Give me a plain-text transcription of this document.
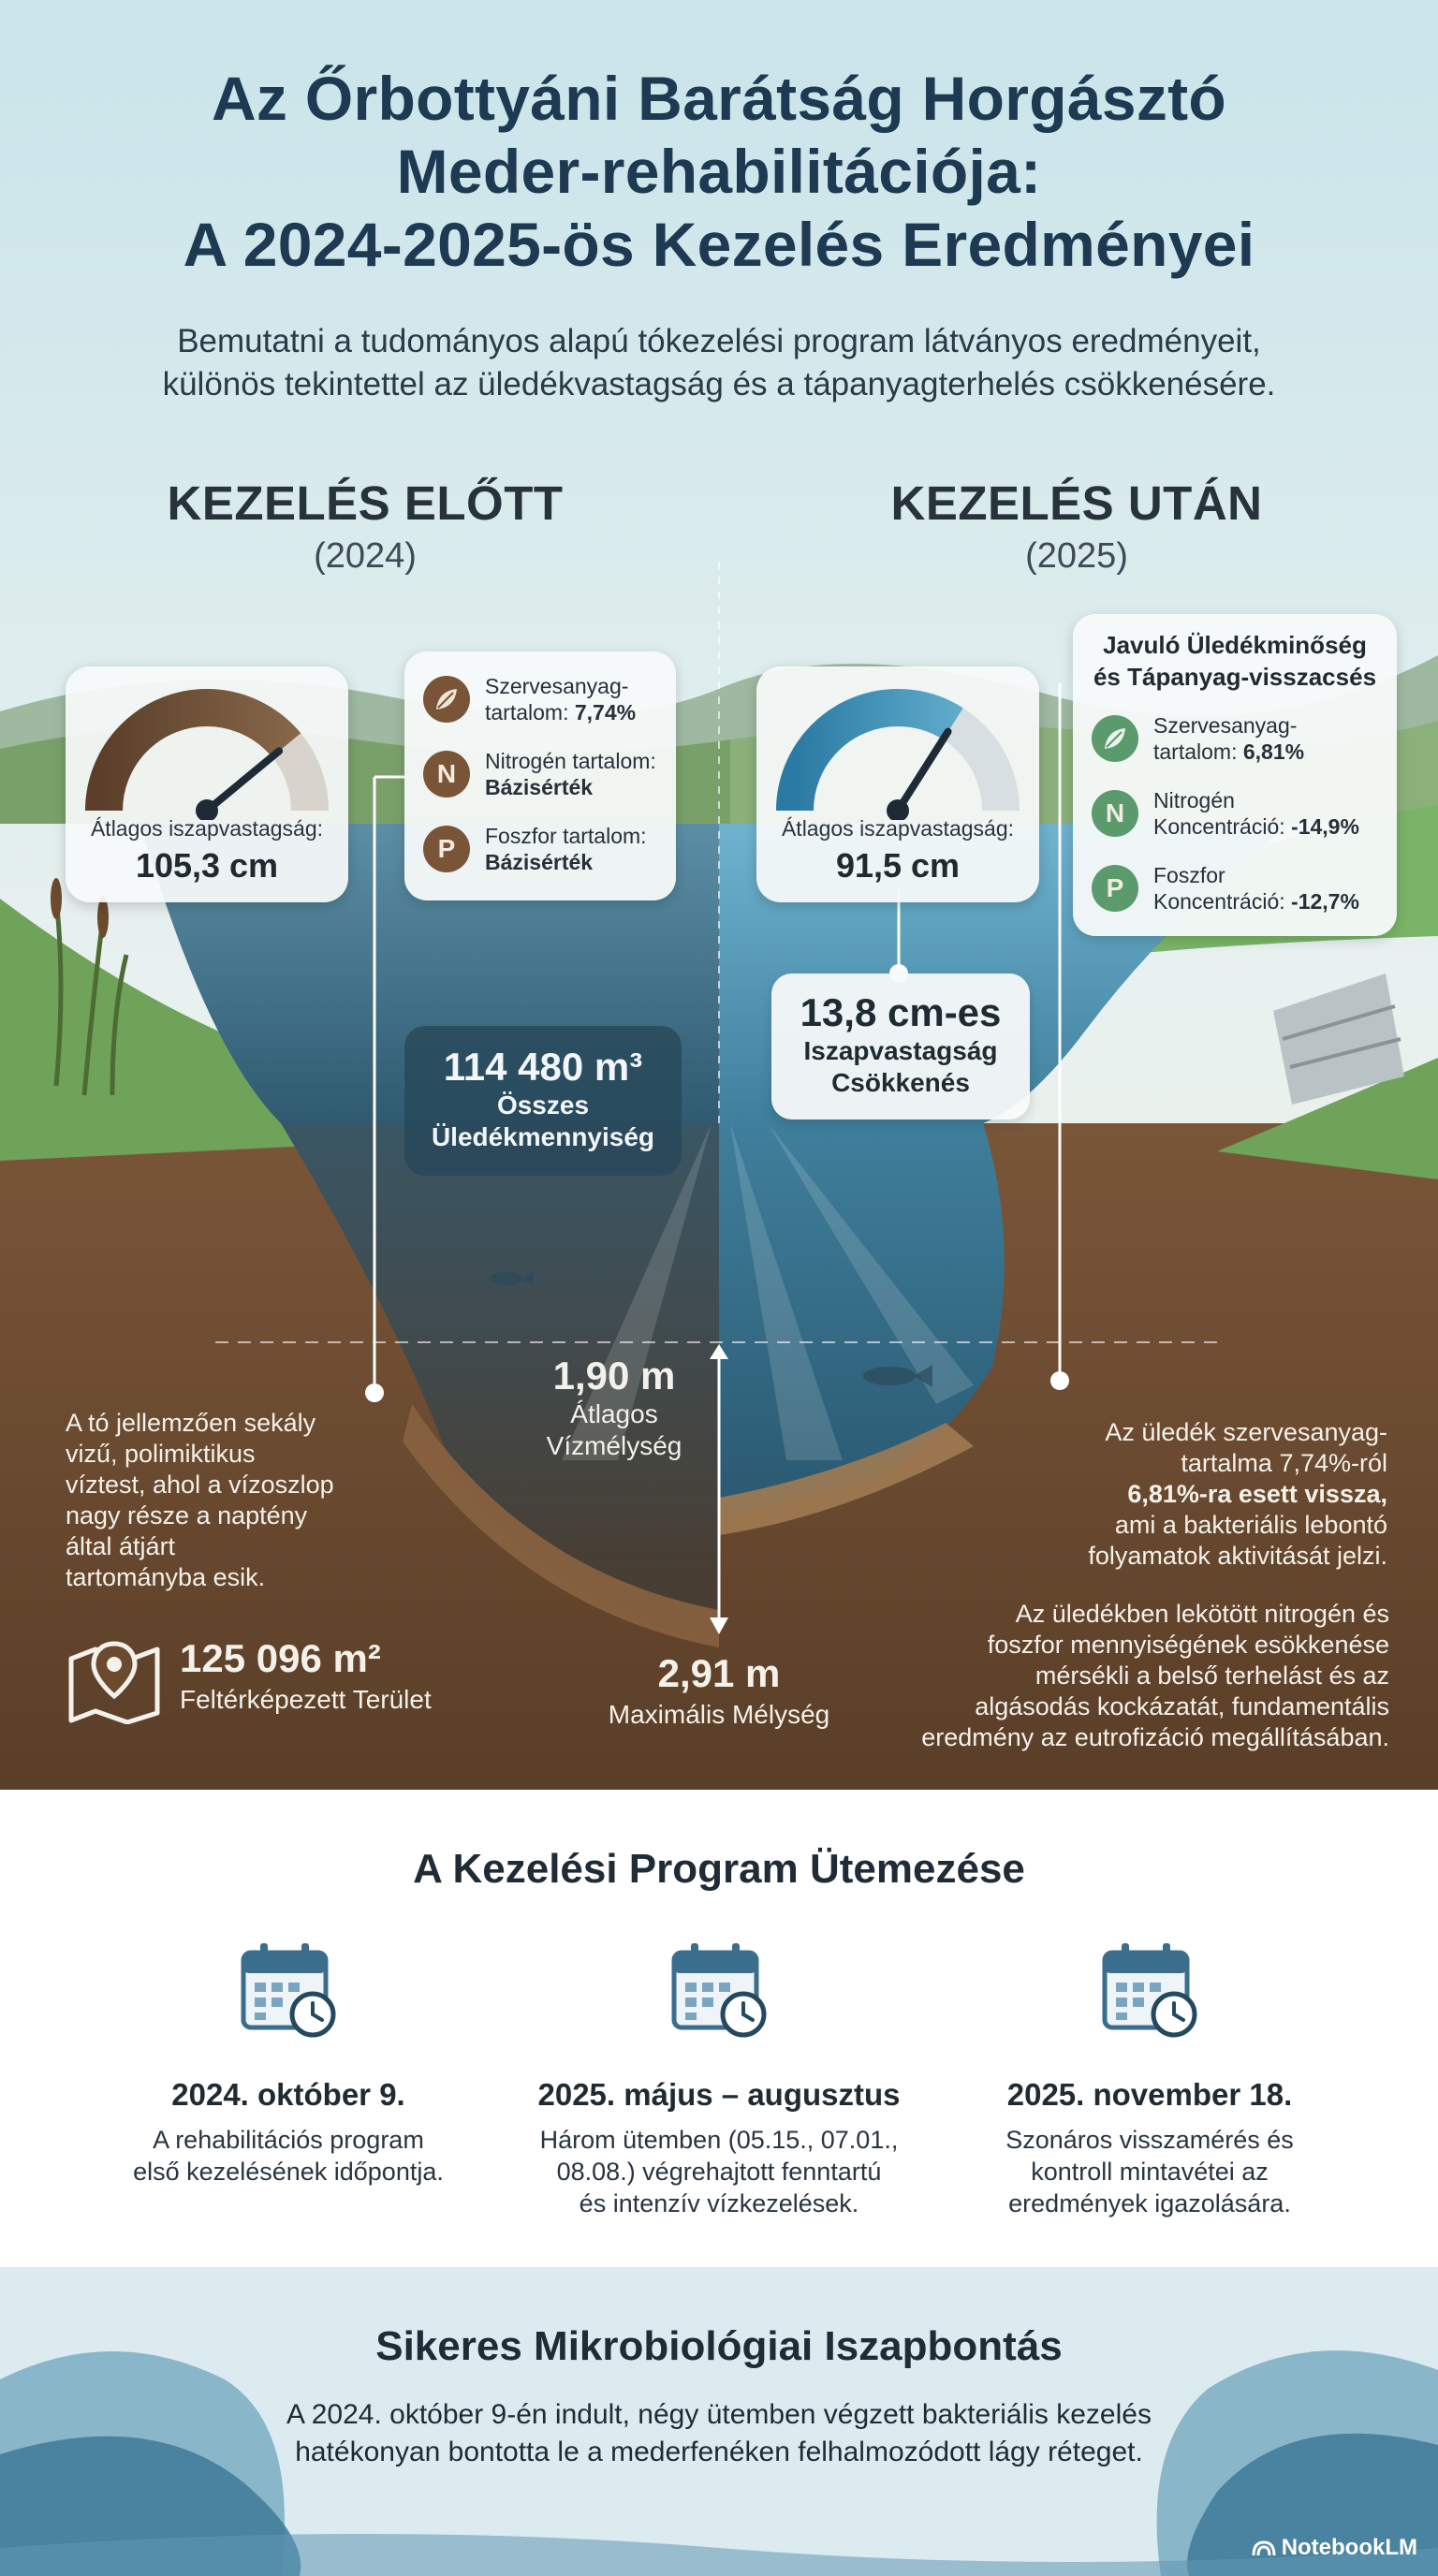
Az Őrbottyáni Barátság Horgásztó
Meder-rehabilitációja:
A 2024-2025-ös Kezelés Eredményei
Bemutatni a tudományos alapú tókezelési program látványos eredményeit,
különös tekintettel az üledékvastagság és a tápanyagterhelés csökkenésére.
KEZELÉS ELŐTT
(2024)
KEZELÉS UTÁN
(2025)
Átlagos iszapvastagság:
105,3 cm
Szervesanyag-
tartalom: 7,74%
N	Nitrogén tartalom:
Bázisérték
P	Foszfor tartalom:
Bázisérték
Átlagos iszapvastagság:
91,5 cm
Javuló Üledékminőség
és Tápanyag-visszacsés
Szervesanyag-
tartalom: 6,81%
N	Nitrogén
Koncentráció: -14,9%
P	Foszfor
Koncentráció: -12,7%
114 480 m³
Összes
Üledékmennyiség
13,8 cm-es
Iszapvastagság
Csökkenés
1,90 m
Átlagos
Vízmélység
2,91 m
Maximális Mélység
A tó jellemzően sekály
vizű, polimiktikus
víztest, ahol a vízoszlop
nagy része a naptény
által átjárt
tartományba esik.
125 096 m²
Feltérképezett Terület
Az üledék szervesanyag-
tartalma 7,74%-ról
6,81%-ra esett vissza,
ami a bakteriális lebontó
folyamatok aktivitását jelzi.
Az üledékben lekötött nitrogén és
foszfor mennyiségének esökkenése
mérsékli a belső terhelást és az
algásodás kockázatát, fundamentális
eredmény az eutrofizáció megállításában.
A Kezelési Program Ütemezése
2024. október 9.
A rehabilitációs program
első kezelésének időpontja.
2025. május – augusztus
Három ütemben (05.15., 07.01.,
08.08.) végrehajtott fenntartú
és intenzív vízkezelések.
2025. november 18.
Szonáros visszamérés és
kontroll mintavétei az
eredmények igazolására.
Sikeres Mikrobiológiai Iszapbontás
A 2024. október 9-én indult, négy ütemben végzett bakteriális kezelés
hatékonyan bontotta le a mederfenéken felhalmozódott lágy réteget.
NotebookLM
